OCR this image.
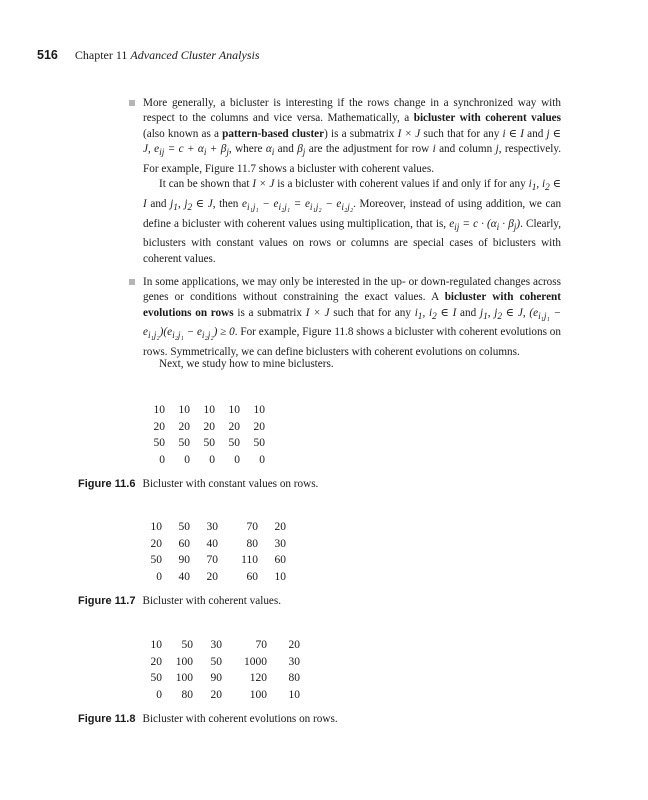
516 Chapter 11 Advanced Cluster Analysis

More generally, a bicluster is interesting if the rows change in a synchronized way with respect to the columns and vice versa. Mathematically, a bicluster with coherent values (also known as a pattern-based cluster) is a submatrix I × J such that for any i ∈ I and j ∈ J, $e_{ij} = c + \alpha_i + \beta_j$, where $\alpha_i$ and $\beta_j$ are the adjustment for row i and column j, respectively. For example, Figure 11.7 shows a bicluster with coherent values.

It can be shown that I × J is a bicluster with coherent values if and only if for any $i_1$, $i_2$ ∈ I and $j_1$, $j_2$ ∈ J, then $e_{i_1j_1} - e_{i_2j_1} = e_{i_1j_2} - e_{i_2j_2}$. Moreover, instead of using addition, we can define a bicluster with coherent values using multiplication, that is, $e_{ij} = c \cdot (\alpha_i \cdot \beta_j)$. Clearly, biclusters with constant values on rows or columns are special cases of biclusters with coherent values.

In some applications, we may only be interested in the up- or down-regulated changes across genes or conditions without constraining the exact values. A bicluster with coherent evolutions on rows is a submatrix I × J such that for any $i_1$, $i_2$ ∈ I and $j_1$, $j_2$ ∈ J, $(e_{i_1j_1} - e_{i_1j_2})(e_{i_2j_1} - e_{i_2j_2}) \ge 0$. For example, Figure 11.8 shows a bicluster with coherent evolutions on rows. Symmetrically, we can define biclusters with coherent evolutions on columns.

Next, we study how to mine biclusters.
10	10	10	10	10
20	20	20	20	20
50	50	50	50	50
0	0	0	0	0
Figure 11.6 Bicluster with constant values on rows.
10	50	30	70	20
20	60	40	80	30
50	90	70	110	60
0	40	20	60	10
Figure 11.7 Bicluster with coherent values.
10	50	30	70	20
20	100	50	1000	30
50	100	90	120	80
0	80	20	100	10
Figure 11.8 Bicluster with coherent evolutions on rows.
